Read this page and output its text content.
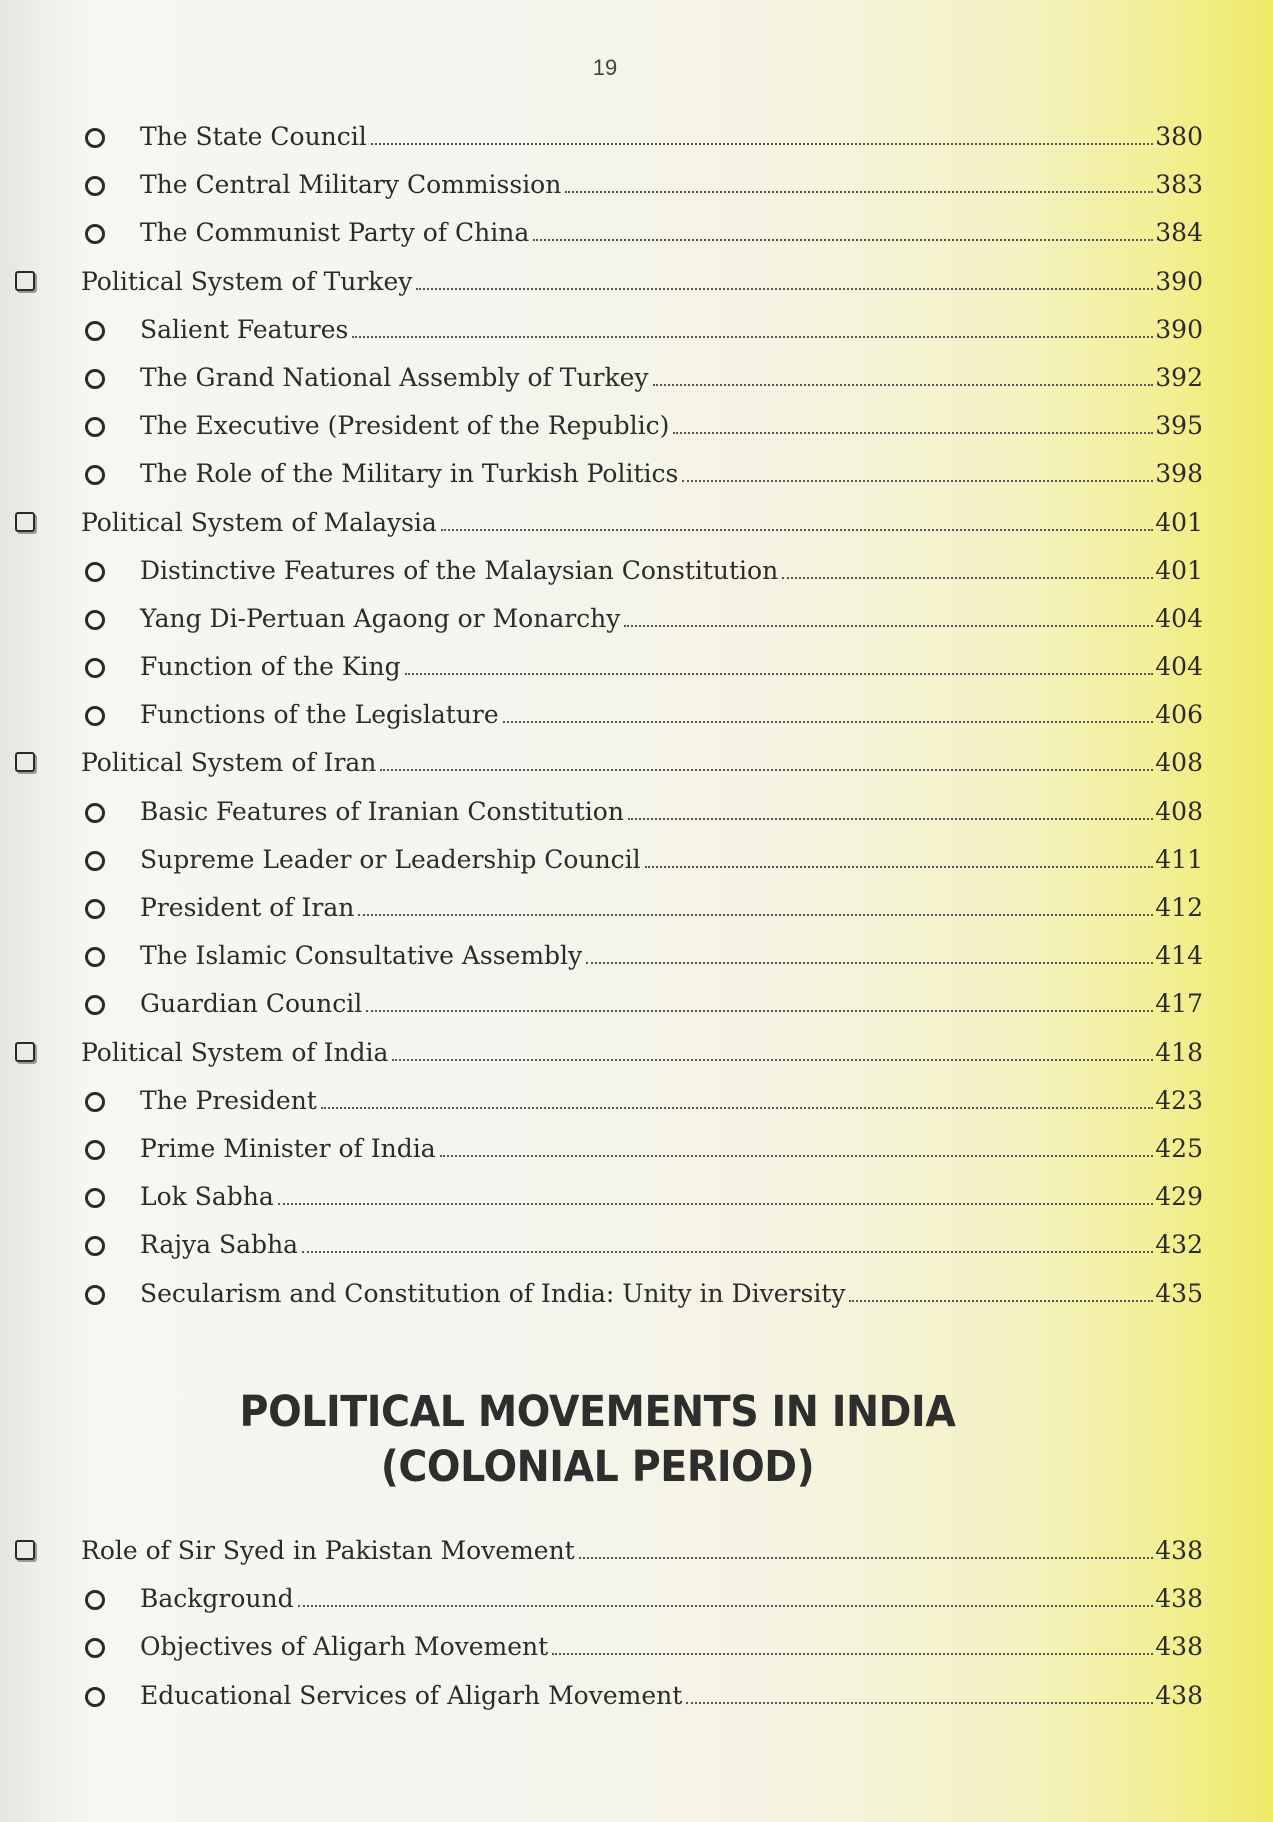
19
The State Council	380
The Central Military Commission	383
The Communist Party of China	384
Political System of Turkey	390
Salient Features	390
The Grand National Assembly of Turkey	392
The Executive (President of the Republic)	395
The Role of the Military in Turkish Politics	398
Political System of Malaysia	401
Distinctive Features of the Malaysian Constitution	401
Yang Di-Pertuan Agaong or Monarchy	404
Function of the King	404
Functions of the Legislature	406
Political System of Iran	408
Basic Features of Iranian Constitution	408
Supreme Leader or Leadership Council	411
President of Iran	412
The Islamic Consultative Assembly	414
Guardian Council	417
Political System of India	418
The President	423
Prime Minister of India	425
Lok Sabha	429
Rajya Sabha	432
Secularism and Constitution of India: Unity in Diversity	435
POLITICAL MOVEMENTS IN INDIA
(COLONIAL PERIOD)
Role of Sir Syed in Pakistan Movement	438
Background	438
Objectives of Aligarh Movement	438
Educational Services of Aligarh Movement	438
